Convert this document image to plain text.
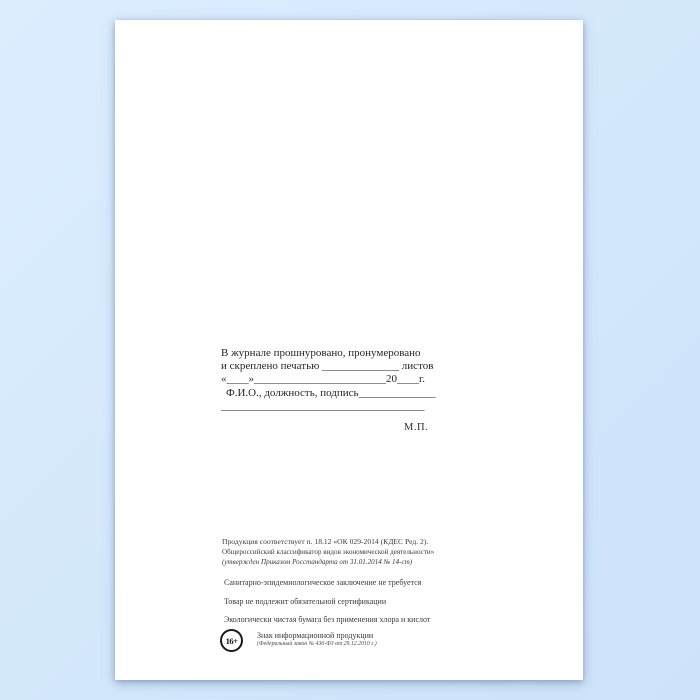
В журнале прошнуровано, пронумеровано
и скреплено печатью ______________ листов
«____»________________________20____г.
Ф.И.О., должность, подпись______________
_____________________________________
М.П.
Продукция соответствует п. 18.12 «ОК 029-2014 (КДЕС Ред. 2).
Общероссийский классификатор видов экономической деятельности»
(утвержден Приказом Росстандарта от 31.01.2014 № 14-ст)
Санитарно-эпидемиологическое заключение не требуется
Товар не подлежит обязательной сертификации
Экологически чистая бумага без применения хлора и кислот
16+ Знак информационной продукции
(Федеральный закон № 436-ФЗ от 29.12.2010 г.)
